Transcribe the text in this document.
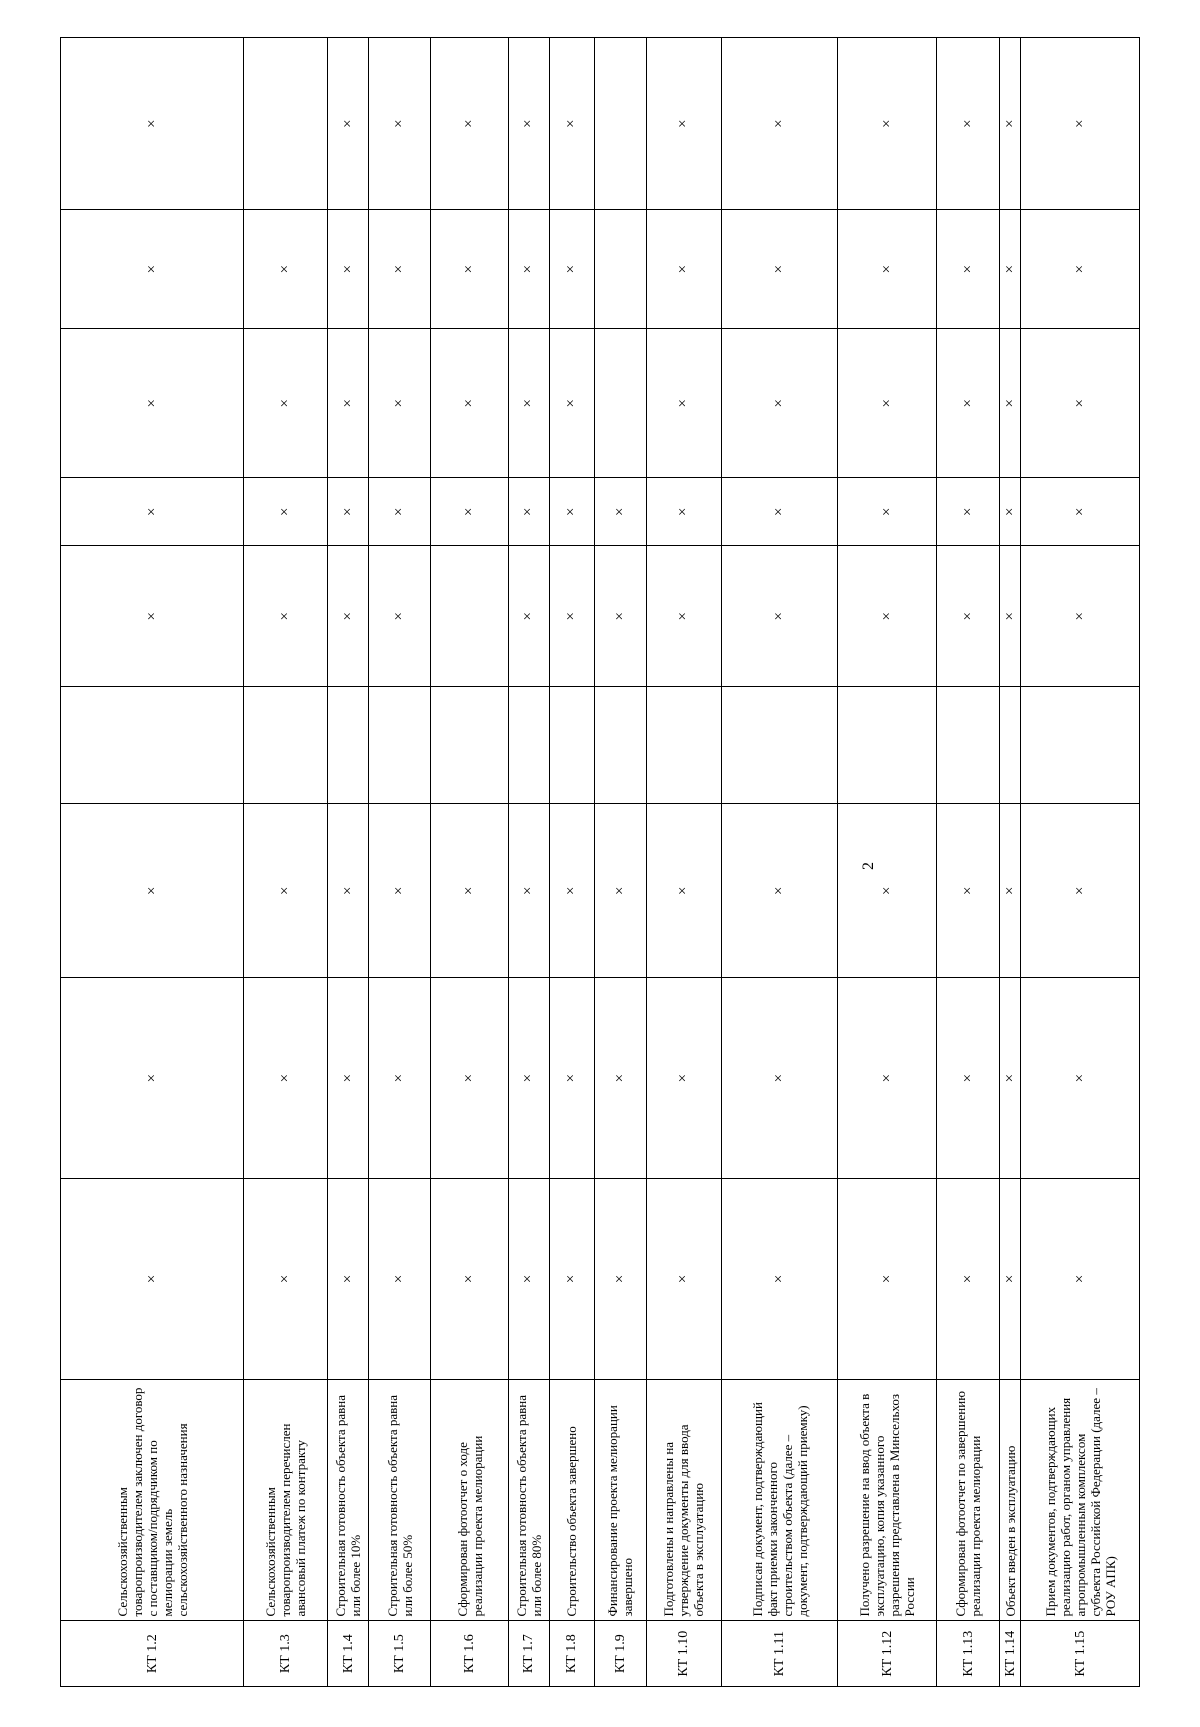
2
КТ 1.2	Сельскохозяйственным товаропроизводителем заключен договор с поставщиком/подрядчиком по мелиорации земель сельскохозяйственного назначения	×	×	×		×	×	×	×	×
КТ 1.3	Сельскохозяйственным товаропроизводителем перечислен авансовый платеж по контракту	×	×	×		×	×	×	×	
КТ 1.4	Строительная готовность объекта равна или более 10%	×	×	×		×	×	×	×	×
КТ 1.5	Строительная готовность объекта равна или более 50%	×	×	×		×	×	×	×	×
КТ 1.6	Сформирован фотоотчет о ходе реализации проекта мелиорации	×	×	×			×	×	×	×
КТ 1.7	Строительная готовность объекта равна или более 80%	×	×	×		×	×	×	×	×
КТ 1.8	Строительство объекта завершено	×	×	×		×	×	×	×	×
КТ 1.9	Финансирование проекта мелиорации завершено	×	×	×		×	×			
КТ 1.10	Подготовлены и направлены на утверждение документы для ввода объекта в эксплуатацию	×	×	×		×	×	×	×	×
КТ 1.11	Подписан документ, подтверждающий факт приемки законченного строительством объекта (далее – документ, подтверждающий приемку)	×	×	×		×	×	×	×	×
КТ 1.12	Получено разрешение на ввод объекта в эксплуатацию, копия указанного разрешения представлена в Минсельхоз России	×	×	×		×	×	×	×	×
КТ 1.13	Сформирован фотоотчет по завершению реализации проекта мелиорации	×	×	×		×	×	×	×	×
КТ 1.14	Объект введен в эксплуатацию	×	×	×		×	×	×	×	×
КТ 1.15	Прием документов, подтверждающих реализацию работ, органом управления агропромышленным комплексом субъекта Российской Федерации (далее – РОУ АПК)	×	×	×		×	×	×	×	×
